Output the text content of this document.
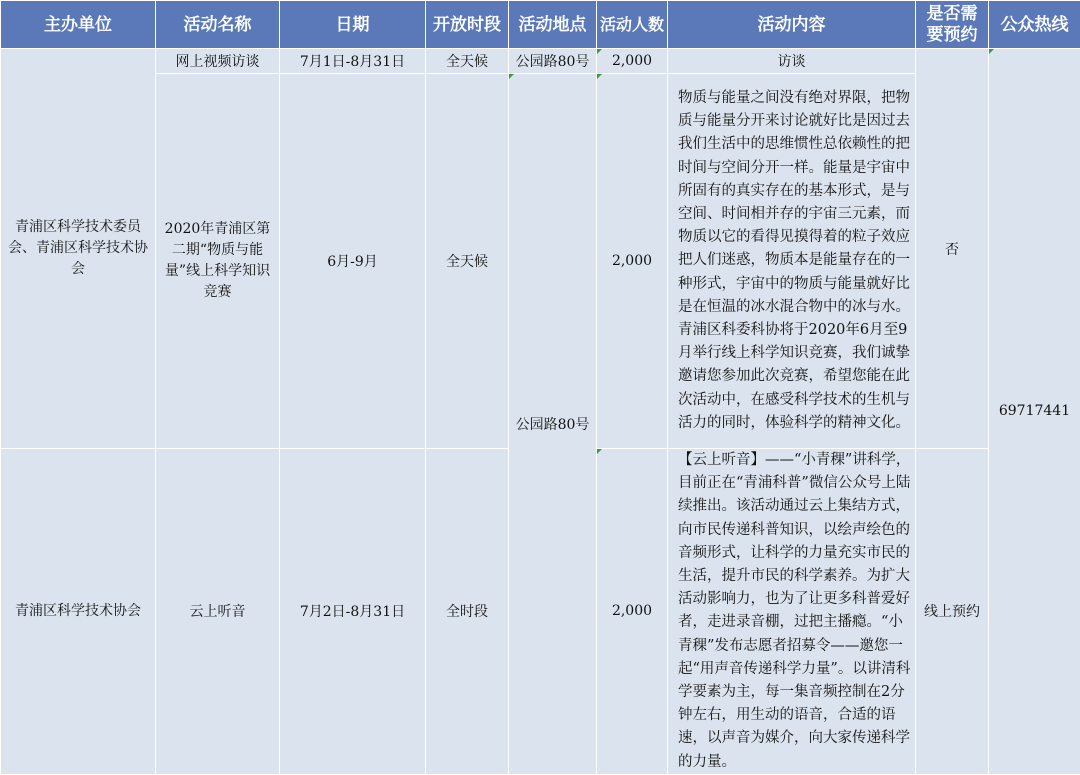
主办单位	活动名称	日期	开放时段	活动地点	活动人数	活动内容	是否需要预约	公众热线

青浦区科学技术委员会、青浦区科学技术协会	网上视频访谈	7月1日-8月31日	全天候	公园路80号	2,000	访谈	否	69717441

	2020年青浦区第二期“物质与能量”线上科学知识竞赛	6月-9月	全天候	公园路80号	2,000	物质与能量之间没有绝对界限，把物质与能量分开来讨论就好比是因过去我们生活中的思维惯性总依赖性的把时间与空间分开一样。能量是宇宙中所固有的真实存在的基本形式，是与空间、时间相并存的宇宙三元素，而物质以它的看得见摸得着的粒子效应把人们迷惑，物质本是能量存在的一种形式，宇宙中的物质与能量就好比是在恒温的冰水混合物中的冰与水。青浦区科委科协将于2020年6月至9月举行线上科学知识竞赛，我们诚挚邀请您参加此次竞赛，希望您能在此次活动中，在感受科学技术的生机与活力的同时，体验科学的精神文化。		

青浦区科学技术协会	云上听音	7月2日-8月31日	全时段		2,000	【云上听音】——“小青稞”讲科学，目前正在“青浦科普”微信公众号上陆续推出。该活动通过云上集结方式，向市民传递科普知识，以绘声绘色的音频形式，让科学的力量充实市民的生活，提升市民的科学素养。为扩大活动影响力，也为了让更多科普爱好者，走进录音棚，过把主播瘾。“小青稞”发布志愿者招募令——邀您一起“用声音传递科学力量”。以讲清科学要素为主，每一集音频控制在2分钟左右，用生动的语音，合适的语速，以声音为媒介，向大家传递科学的力量。	线上预约	
